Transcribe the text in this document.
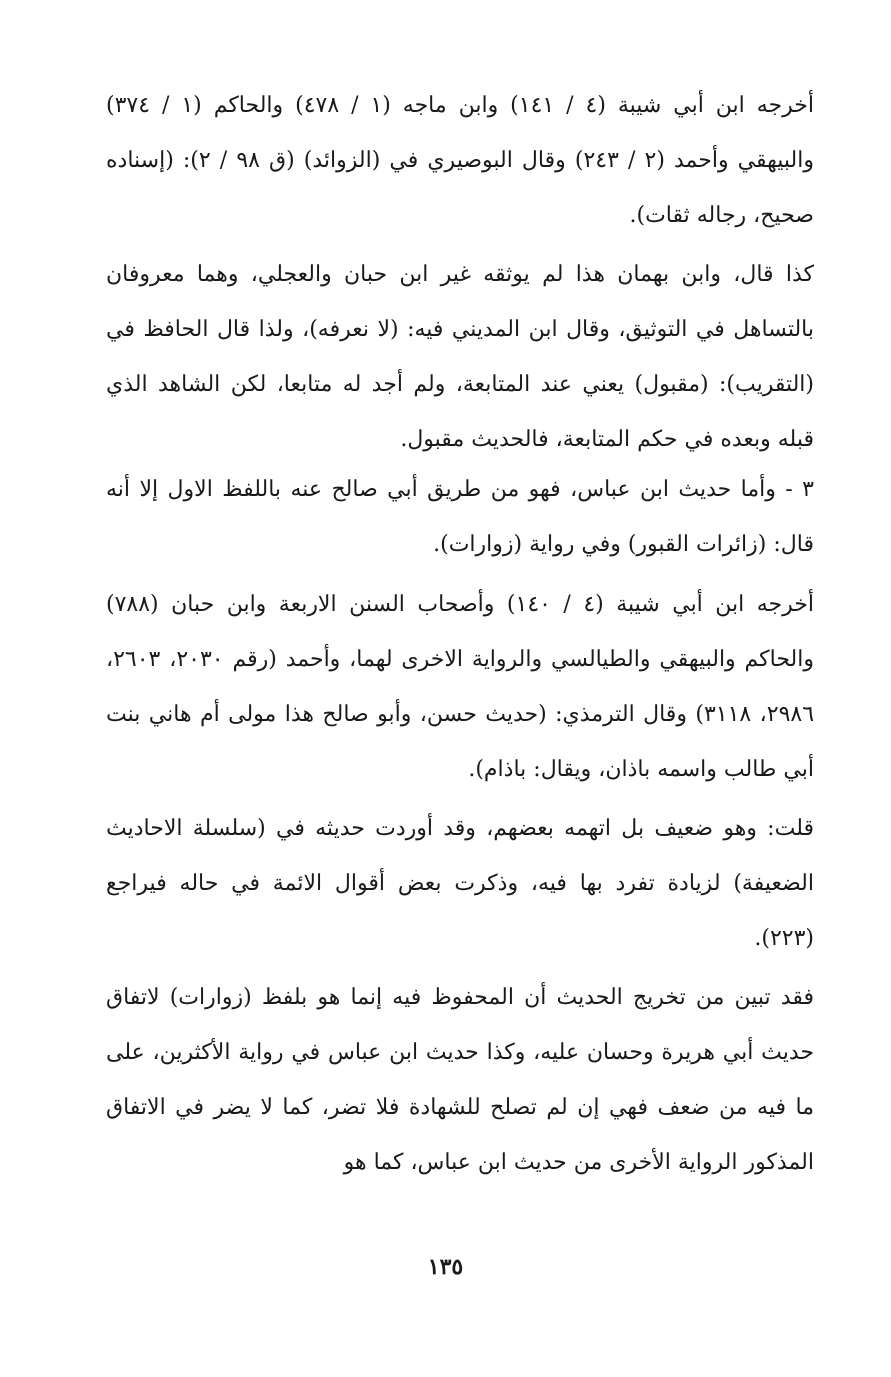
أخرجه ابن أبي شيبة (٤ / ١٤١) وابن ماجه (١ / ٤٧٨) والحاكم (١ / ٣٧٤) والبيهقي وأحمد (٢ / ٢٤٣) وقال البوصيري في (الزوائد) (ق ٩٨ / ٢): (إسناده صحيح، رجاله ثقات).

كذا قال، وابن بهمان هذا لم يوثقه غير ابن حبان والعجلي، وهما معروفان بالتساهل في التوثيق، وقال ابن المديني فيه: (لا نعرفه)، ولذا قال الحافظ في (التقريب): (مقبول) يعني عند المتابعة، ولم أجد له متابعا، لكن الشاهد الذي قبله وبعده في حكم المتابعة، فالحديث مقبول.

٣ - وأما حديث ابن عباس، فهو من طريق أبي صالح عنه باللفظ الاول إلا أنه قال: (زائرات القبور) وفي رواية (زوارات).

أخرجه ابن أبي شيبة (٤ / ١٤٠) وأصحاب السنن الاربعة وابن حبان (٧٨٨) والحاكم والبيهقي والطيالسي والرواية الاخرى لهما، وأحمد (رقم ٢٠٣٠، ٢٦٠٣، ٢٩٨٦، ٣١١٨) وقال الترمذي: (حديث حسن، وأبو صالح هذا مولى أم هاني بنت أبي طالب واسمه باذان، ويقال: باذام).

قلت: وهو ضعيف بل اتهمه بعضهم، وقد أوردت حديثه في (سلسلة الاحاديث الضعيفة) لزيادة تفرد بها فيه، وذكرت بعض أقوال الائمة في حاله فيراجع (٢٢٣).

فقد تبين من تخريج الحديث أن المحفوظ فيه إنما هو بلفظ (زوارات) لاتفاق حديث أبي هريرة وحسان عليه، وكذا حديث ابن عباس في رواية الأكثرين، على ما فيه من ضعف فهي إن لم تصلح للشهادة فلا تضر، كما لا يضر في الاتفاق المذكور الرواية الأخرى من حديث ابن عباس، كما هو

١٣٥
